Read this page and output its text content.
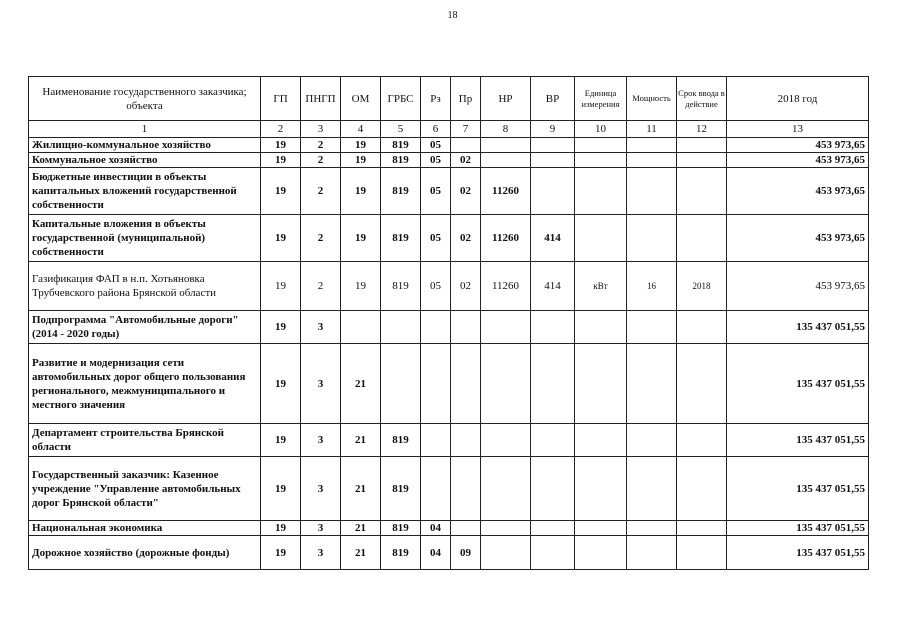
18
Наименование государственного заказчика; объекта	ГП	ПНГП	ОМ	ГРБС	Рз	Пр	НР	ВР	Единица измерения	Мощность	Срок ввода в действие	2018 год
1	2	3	4	5	6	7	8	9	10	11	12	13
Жилищно-коммунальное хозяйство	19	2	19	819	05							453 973,65
Коммунальное хозяйство	19	2	19	819	05	02						453 973,65
Бюджетные инвестиции в объекты капитальных вложений государственной собственности	19	2	19	819	05	02	11260					453 973,65
Капитальные вложения в объекты государственной (муниципальной) собственности	19	2	19	819	05	02	11260	414				453 973,65
Газификация ФАП в н.п. Хотьяновка Трубчевского района Брянской области	19	2	19	819	05	02	11260	414	кВт	16	2018	453 973,65
Подпрограмма "Автомобильные дороги" (2014 - 2020 годы)	19	3										135 437 051,55
Развитие и модернизация сети автомобильных дорог общего пользования регионального, межмуниципального и местного значения	19	3	21									135 437 051,55
Департамент строительства Брянской области	19	3	21	819								135 437 051,55
Государственный заказчик: Казенное учреждение "Управление автомобильных дорог Брянской области"	19	3	21	819								135 437 051,55
Национальная экономика	19	3	21	819	04							135 437 051,55
Дорожное хозяйство (дорожные фонды)	19	3	21	819	04	09						135 437 051,55
